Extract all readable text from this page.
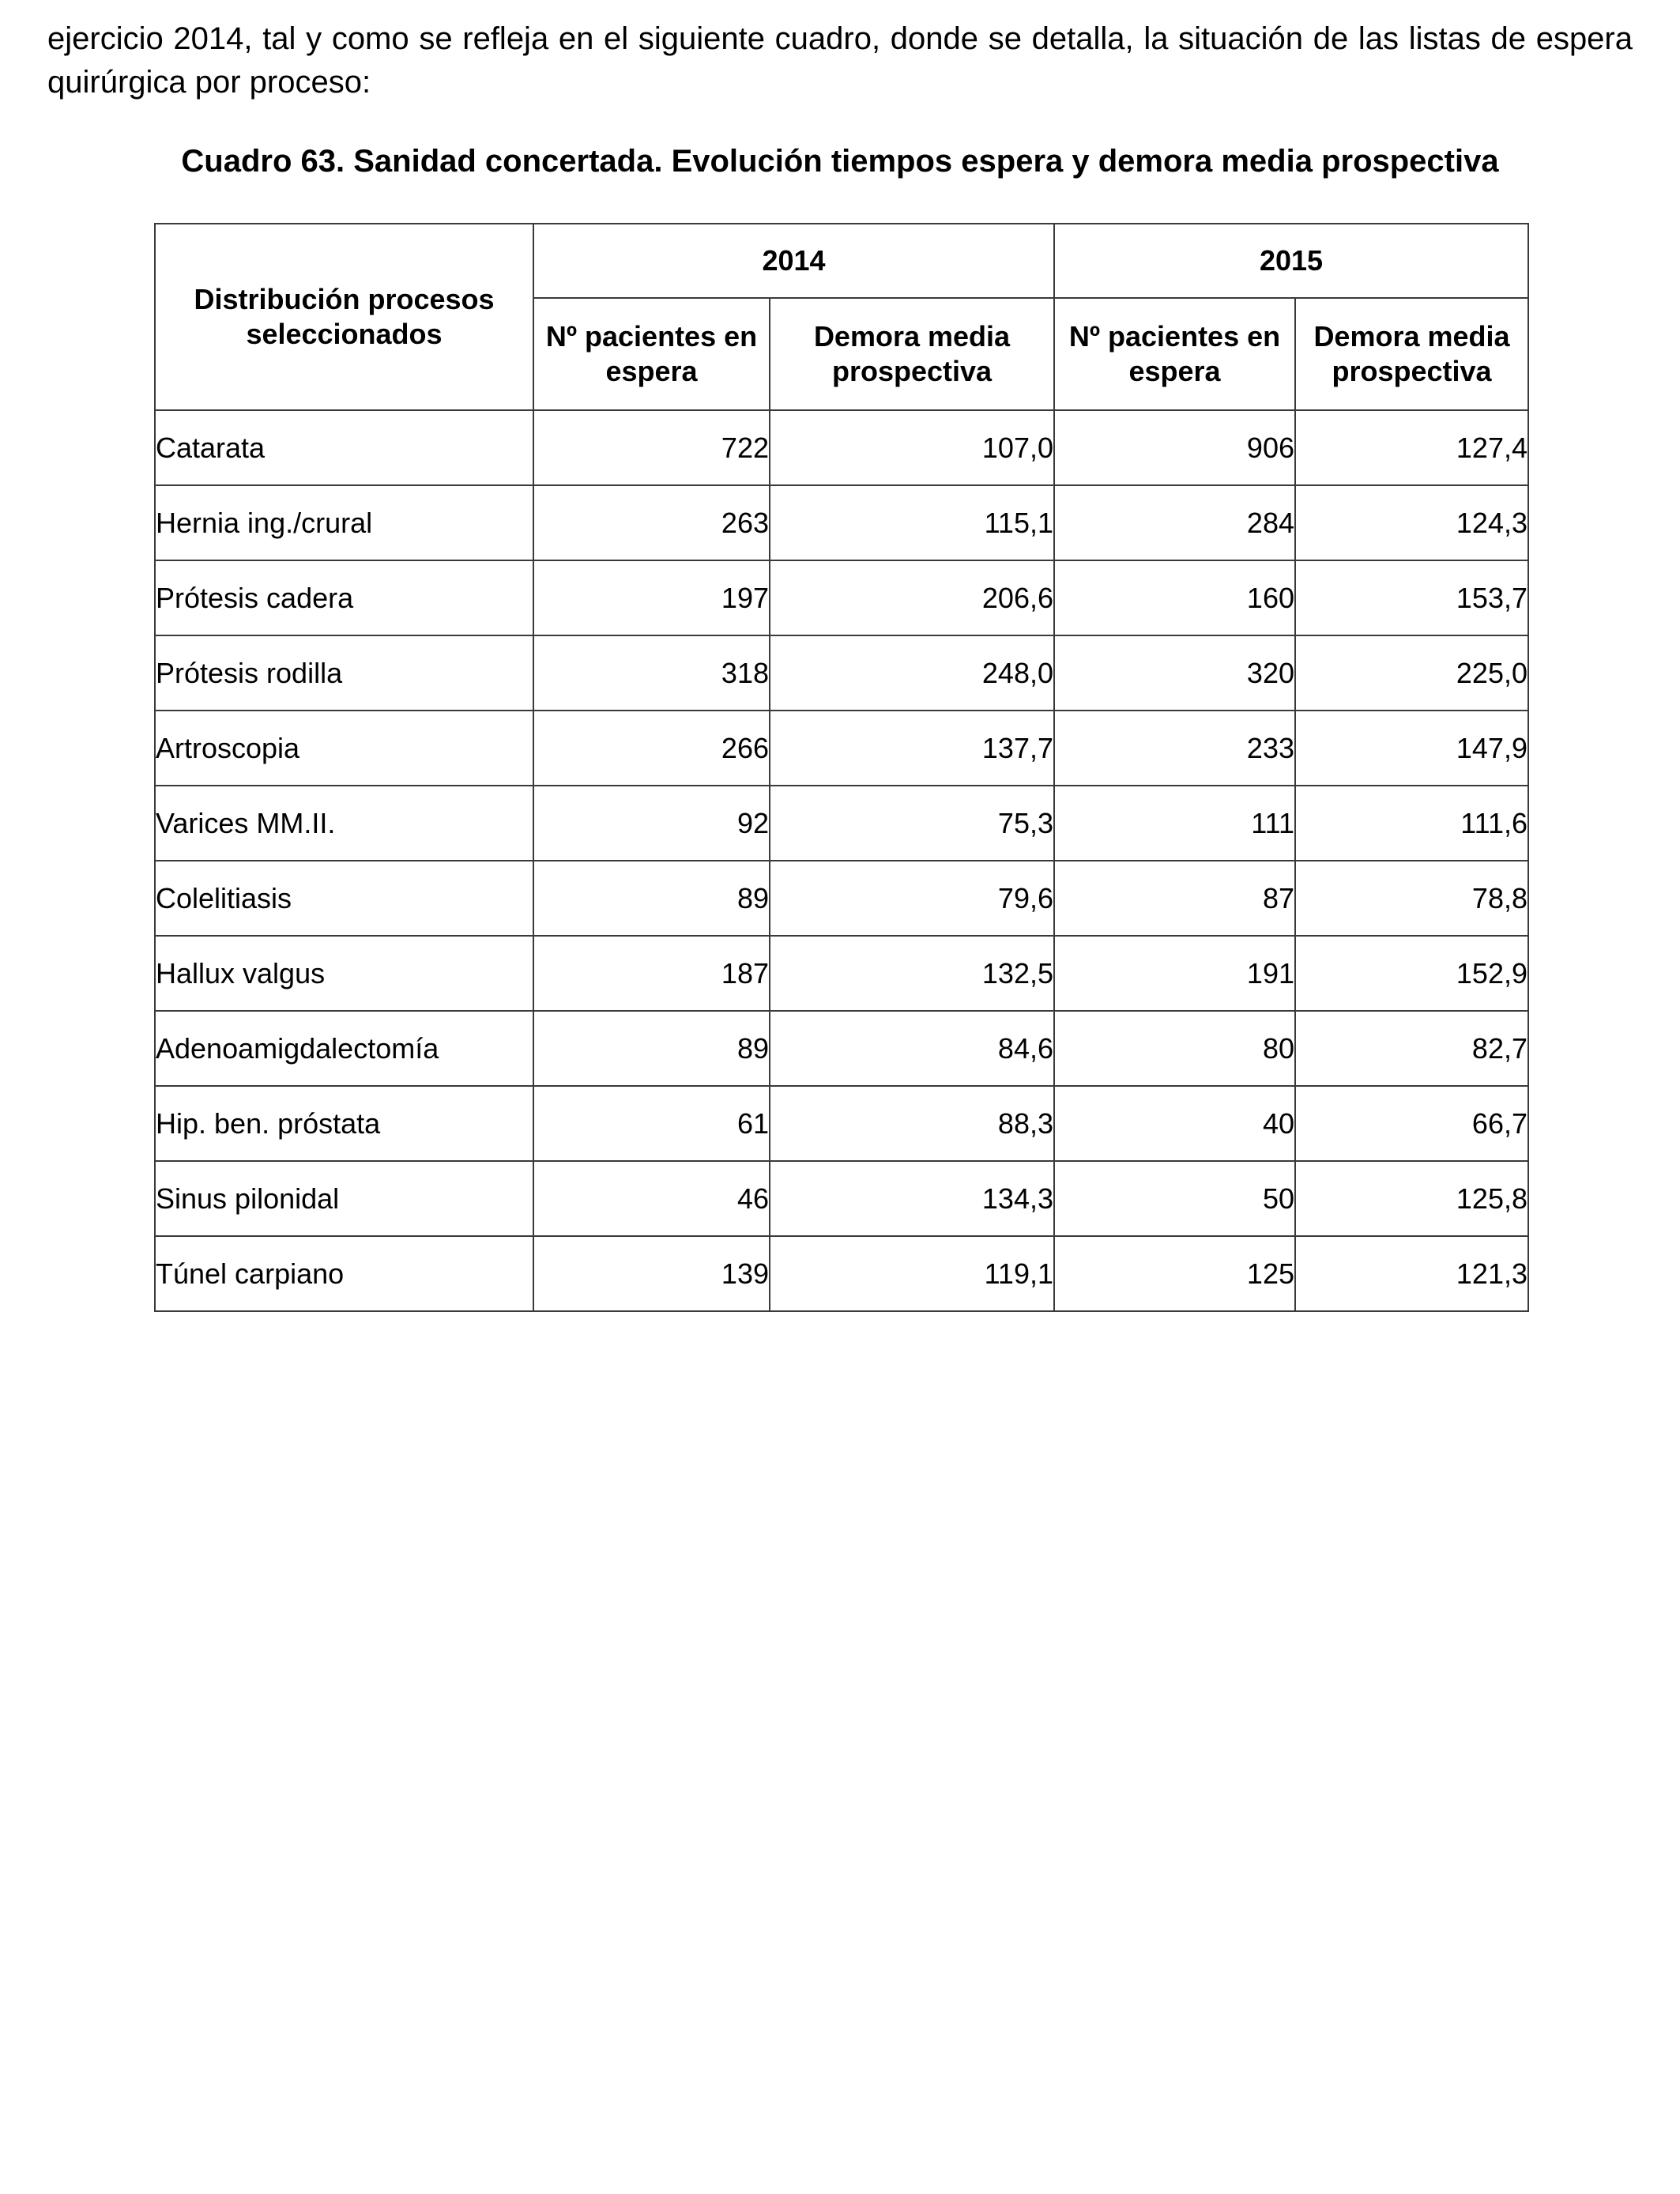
ejercicio 2014, tal y como se refleja en el siguiente cuadro, donde se detalla, la situación de las listas de espera quirúrgica por proceso:

Cuadro 63. Sanidad concertada. Evolución tiempos espera y demora media prospectiva

Distribución procesos seleccionados	2014		2015	
	Nº pacientes en espera	Demora media prospectiva	Nº pacientes en espera	Demora media prospectiva
Catarata	722	107,0	906	127,4
Hernia ing./crural	263	115,1	284	124,3
Prótesis cadera	197	206,6	160	153,7
Prótesis rodilla	318	248,0	320	225,0
Artroscopia	266	137,7	233	147,9
Varices MM.II.	92	75,3	111	111,6
Colelitiasis	89	79,6	87	78,8
Hallux valgus	187	132,5	191	152,9
Adenoamigdalectomía	89	84,6	80	82,7
Hip. ben. próstata	61	88,3	40	66,7
Sinus pilonidal	46	134,3	50	125,8
Túnel carpiano	139	119,1	125	121,3
